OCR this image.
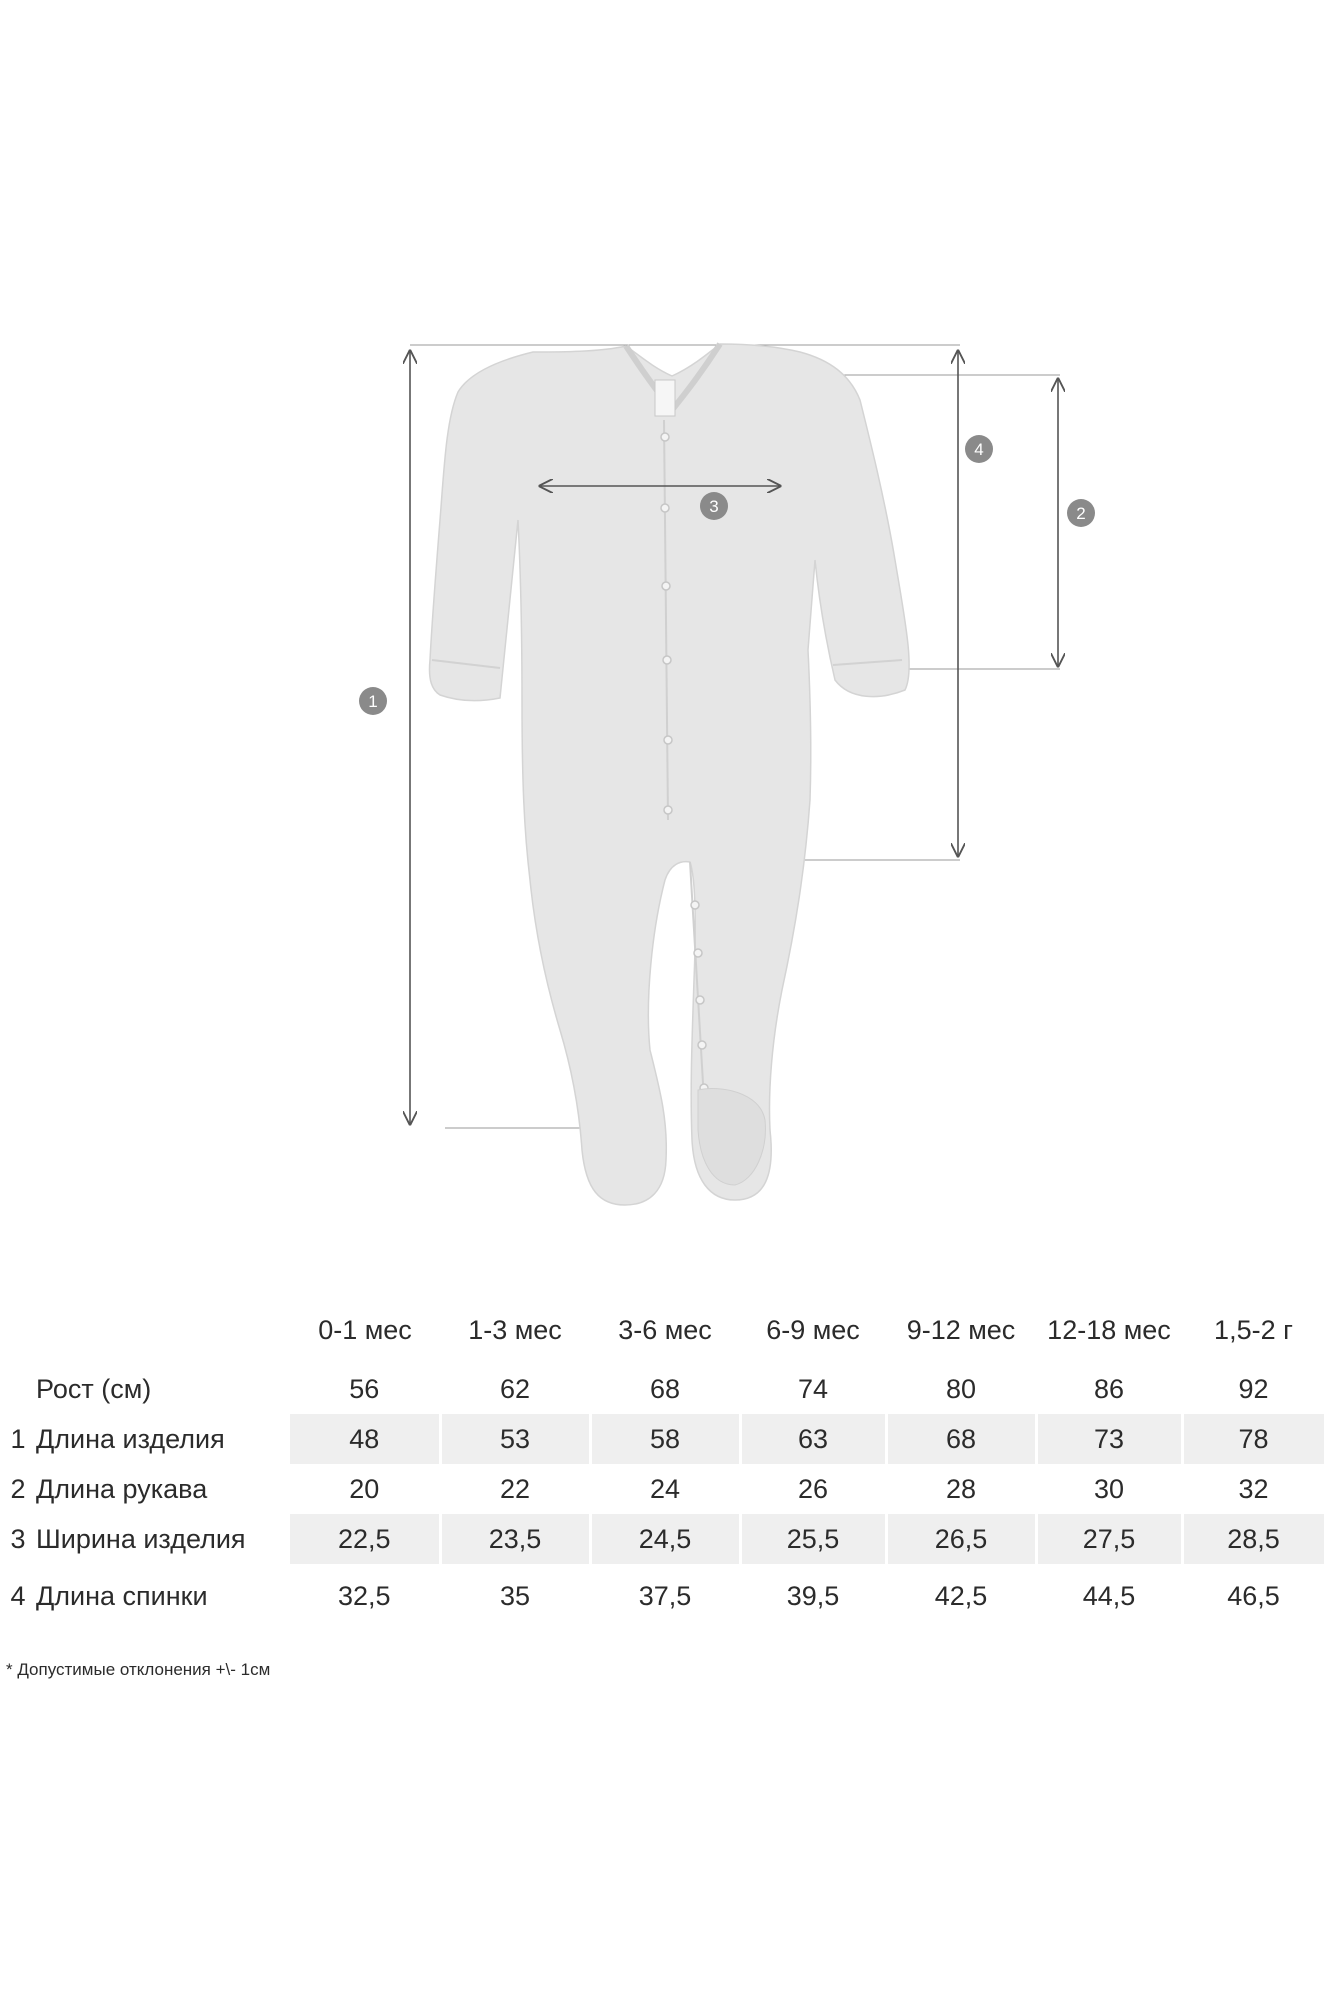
1
2
3
4
		0-1 мес	1-3 мес	3-6 мес	6-9 мес	9-12 мес	12-18 мес	1,5-2 г
	Рост (см)	56	62	68	74	80	86	92
1	Длина изделия	48	53	58	63	68	73	78
2	Длина рукава	20	22	24	26	28	30	32
3	Ширина изделия	22,5	23,5	24,5	25,5	26,5	27,5	28,5
4	Длина спинки	32,5	35	37,5	39,5	42,5	44,5	46,5
* Допустимые отклонения +\- 1см
